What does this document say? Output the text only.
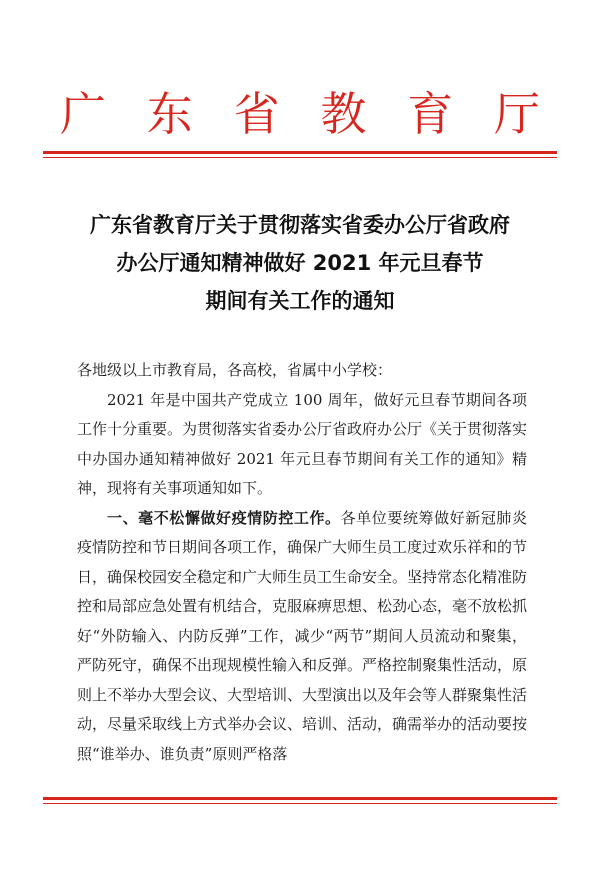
广 东 省 教 育 厅
广东省教育厅关于贯彻落实省委办公厅省政府
办公厅通知精神做好 2021 年元旦春节
期间有关工作的通知

各地级以上市教育局，各高校，省属中小学校：

2021 年是中国共产党成立 100 周年，做好元旦春节期间各项工作十分重要。为贯彻落实省委办公厅省政府办公厅《关于贯彻落实中办国办通知精神做好 2021 年元旦春节期间有关工作的通知》精神，现将有关事项通知如下。

一、毫不松懈做好疫情防控工作。各单位要统筹做好新冠肺炎疫情防控和节日期间各项工作，确保广大师生员工度过欢乐祥和的节日，确保校园安全稳定和广大师生员工生命安全。坚持常态化精准防控和局部应急处置有机结合，克服麻痹思想、松劲心态，毫不放松抓好“外防输入、内防反弹”工作，减少“两节”期间人员流动和聚集，严防死守，确保不出现规模性输入和反弹。严格控制聚集性活动，原则上不举办大型会议、大型培训、大型演出以及年会等人群聚集性活动，尽量采取线上方式举办会议、培训、活动，确需举办的活动要按照“谁举办、谁负责”原则严格落
